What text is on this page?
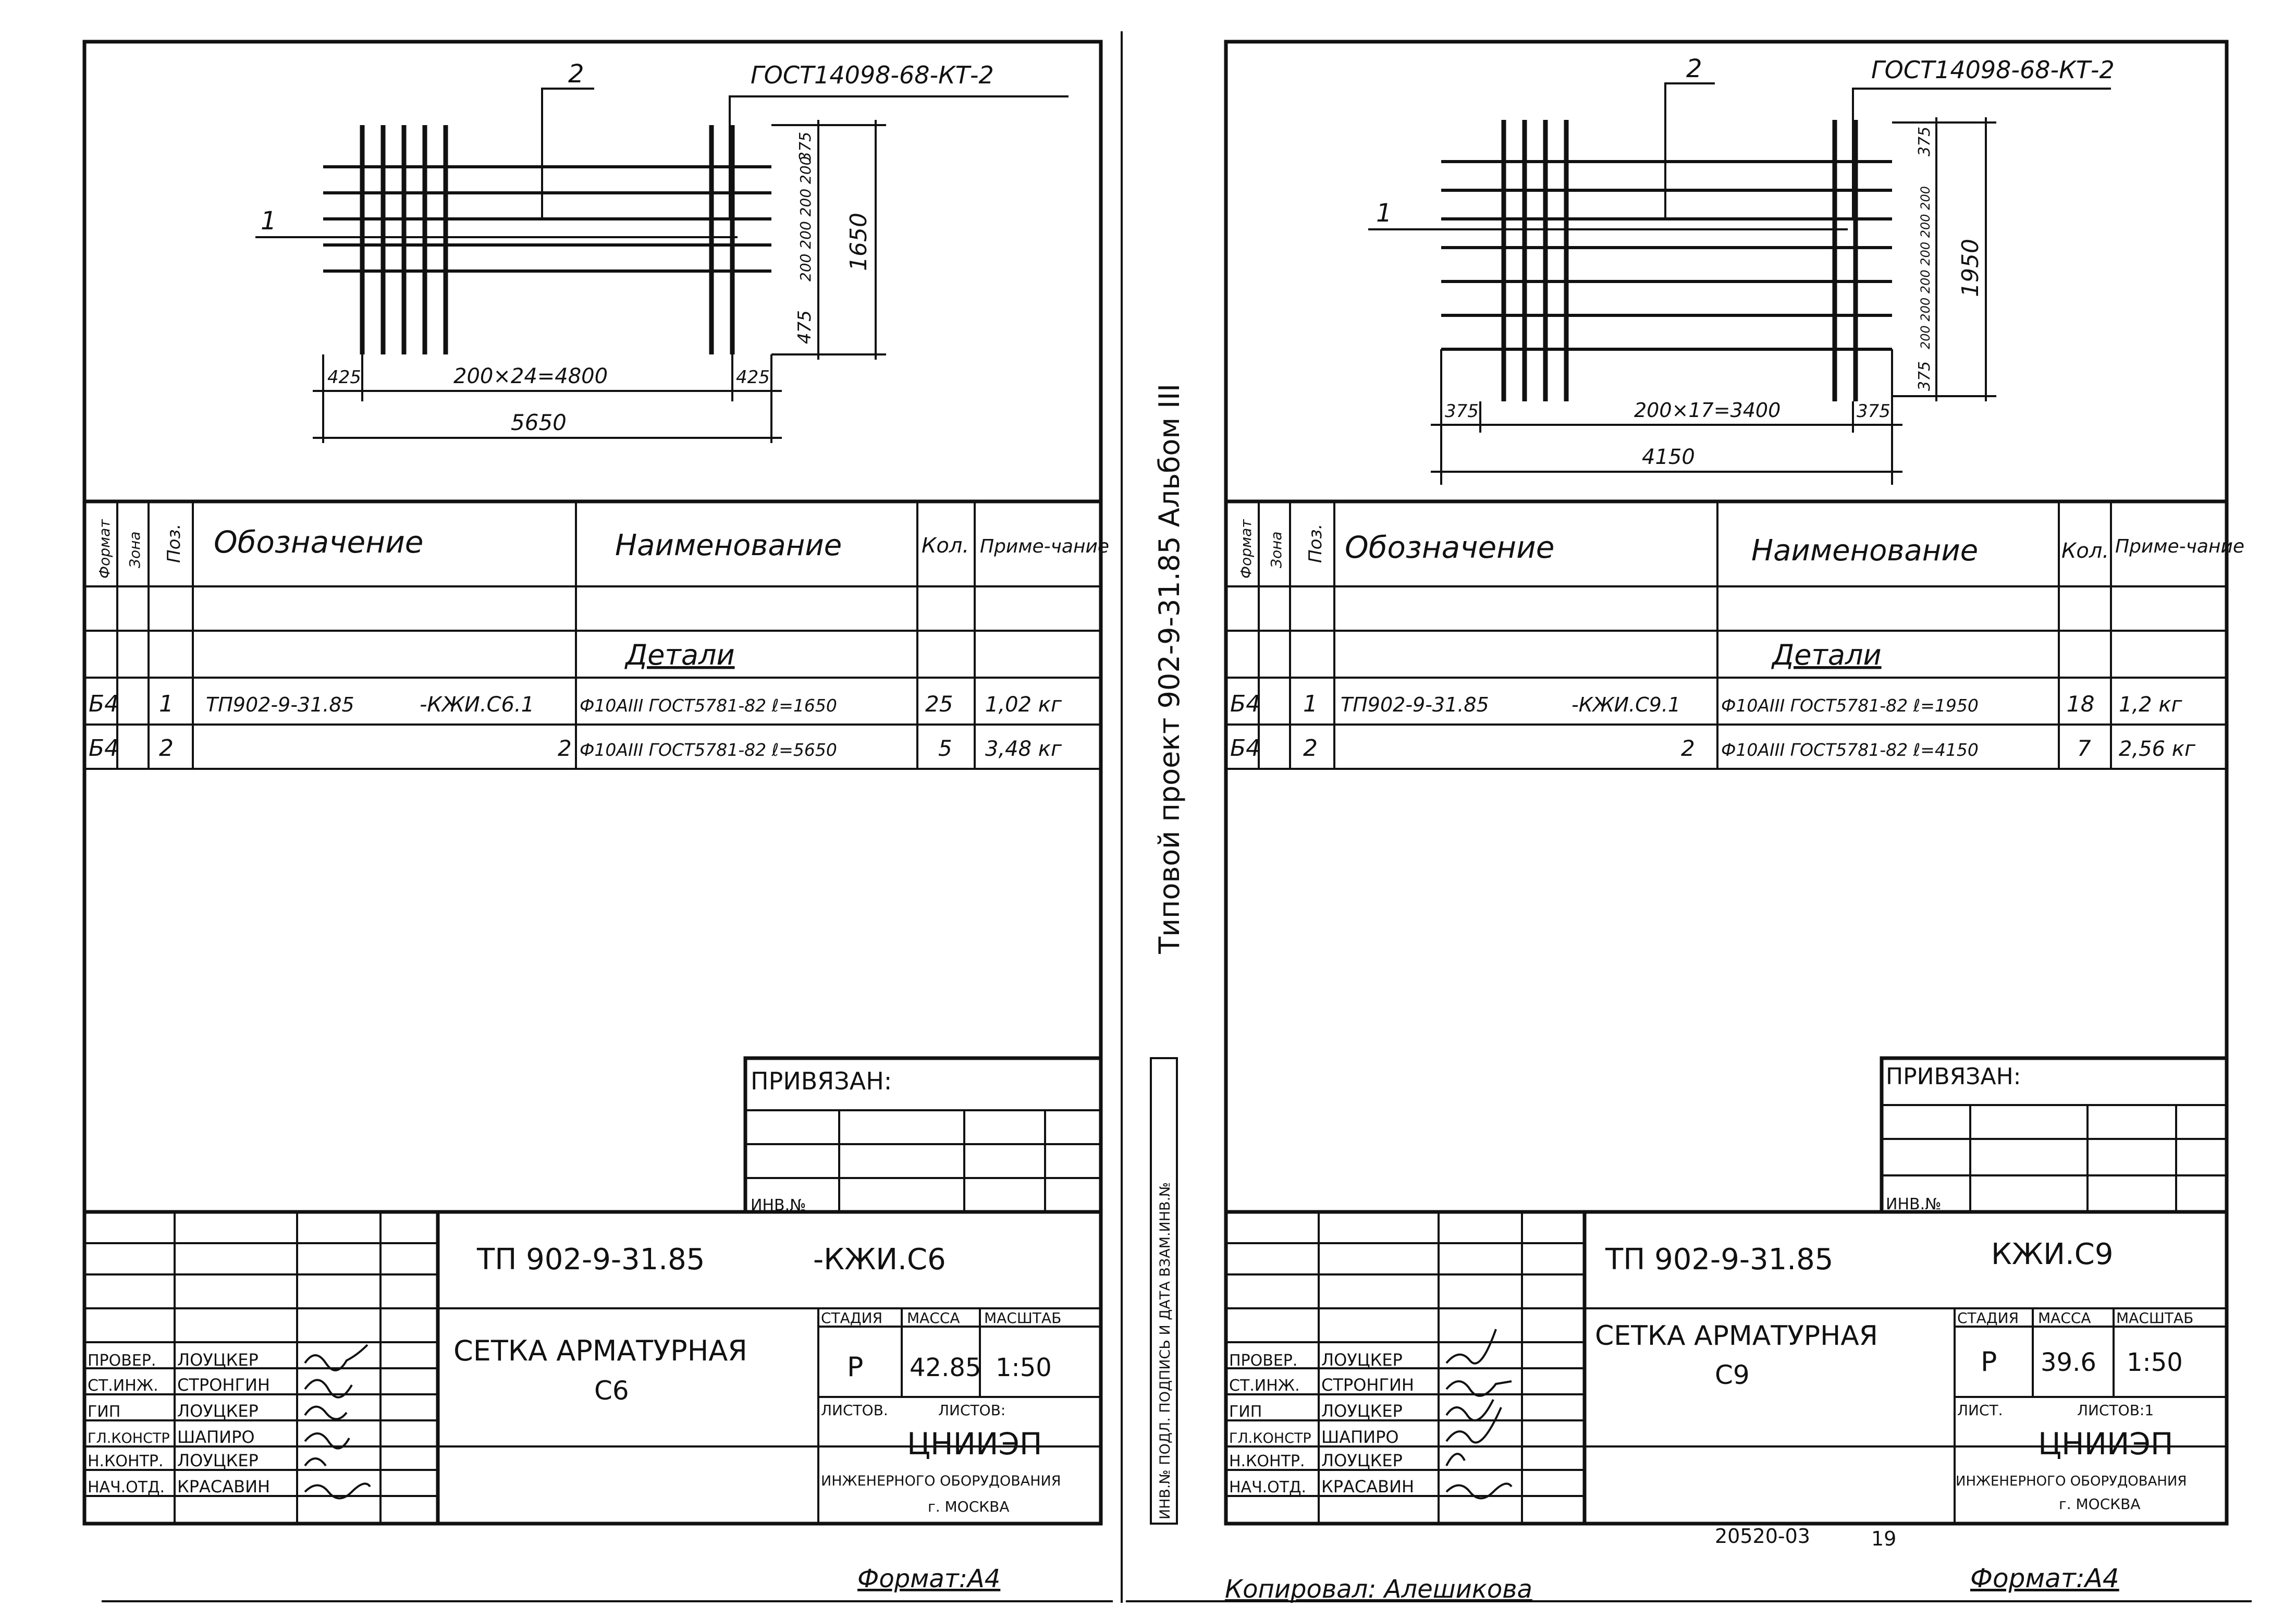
2	ГОСТ14098-68-КТ-2
1
425	200×24=4800	425
5650
375
200 200 200 200
475
1650
Формат Зона Поз. Обозначение	Наименование	Кол. Приме-чание
Детали
Б4 1 ТП902-9-31.85	-КЖИ.С6.1	Ф10АIII ГОСТ5781-82 ℓ=1650	25 1,02 кг
Б4 2	2 Ф10АIII ГОСТ5781-82 ℓ=5650	5 3,48 кг
ПРИВЯЗАН:
ИНВ.№
ТП 902-9-31.85	-КЖИ.С6
СЕТКА АРМАТУРНАЯ
С6
СТАДИЯ МАССА МАСШТАБ
Р 42.85 1:50
ЛИСТОВ.	ЛИСТОВ:
ЦНИИЭП
ИНЖЕНЕРНОГО ОБОРУДОВАНИЯ
г. МОСКВА
ПРОВЕР. ЛОУЦКЕР
СТ.ИНЖ. СТРОНГИН
ГИП	ЛОУЦКЕР
ГЛ.КОНСТР ШАПИРО
Н.КОНТР. ЛОУЦКЕР
НАЧ.ОТД. КРАСАВИН
Формат:А4
Типовой проект 902-9-31.85 Альбом III
ИНВ.№ ПОДЛ. ПОДПИСЬ И ДАТА ВЗАМ.ИНВ.№
2	ГОСТ14098-68-КТ-2
1
375	200×17=3400	375
4150
375
200 200 200 200 200 200
375
1950
Формат Зона Поз. Обозначение	Наименование	Кол. Приме-чание
Детали
Б4 1 ТП902-9-31.85	-КЖИ.С9.1 Ф10АIII ГОСТ5781-82 ℓ=1950	18 1,2 кг
Б4 2	2 Ф10АIII ГОСТ5781-82 ℓ=4150	7 2,56 кг
ПРИВЯЗАН:
ИНВ.№
ТП 902-9-31.85	КЖИ.С9
СЕТКА АРМАТУРНАЯ
С9
СТАДИЯ МАССА МАСШТАБ
Р 39.6 1:50
ЛИСТ.	ЛИСТОВ:1
ЦНИИЭП
ИНЖЕНЕРНОГО ОБОРУДОВАНИЯ
г. МОСКВА
ПРОВЕР. ЛОУЦКЕР
СТ.ИНЖ. СТРОНГИН
ГИП	ЛОУЦКЕР
ГЛ.КОНСТР ШАПИРО
Н.КОНТР. ЛОУЦКЕР
НАЧ.ОТД. КРАСАВИН
20520-03	19
Копировал: Алешикова	Формат:А4
